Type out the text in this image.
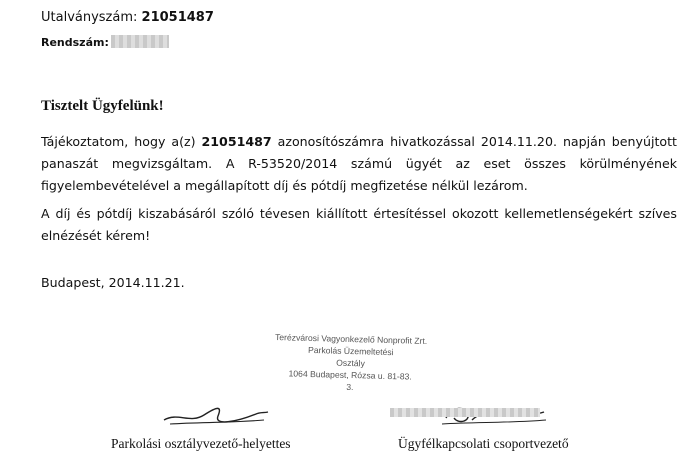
Utalványszám: 21051487
Rendszám:
Tisztelt Ügyfelünk!
Tájékoztatom, hogy a(z) 21051487 azonosítószámra hivatkozással 2014.11.20. napján benyújtott panaszát megvizsgáltam. A R-53520/2014 számú ügyét az eset összes körülményének figyelembevételével a megállapított díj és pótdíj megfizetése nélkül lezárom.
A díj és pótdíj kiszabásáról szóló tévesen kiállított értesítéssel okozott kellemetlenségekért szíves elnézését kérem!
Budapest, 2014.11.21.
Terézvárosi Vagyonkezelő Nonprofit Zrt.
Parkolás Üzemeltetési
Osztály
1064 Budapest, Rózsa u. 81-83.
3.
Parkolási osztályvezető-helyettes	Ügyfélkapcsolati csoportvezető
